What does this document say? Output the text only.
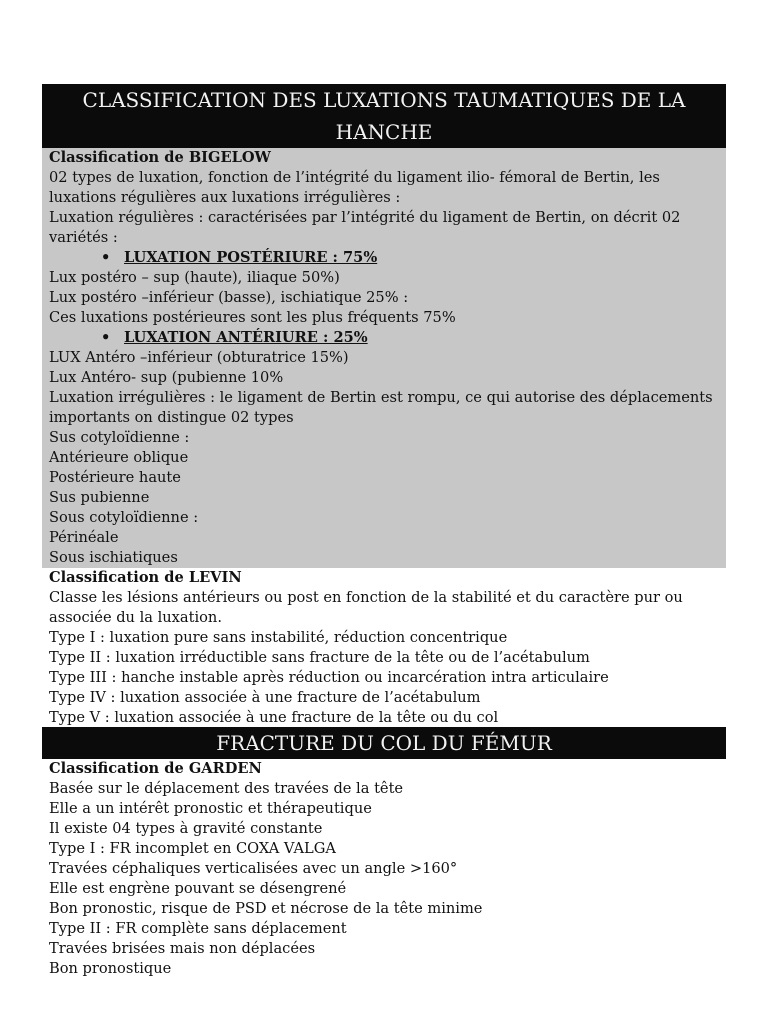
CLASSIFICATION DES LUXATIONS TAUMATIQUES DE LA HANCHE
Classification de BIGELOW
02 types de luxation, fonction de l’intégrité du ligament ilio- fémoral de Bertin, les luxations régulières aux luxations irrégulières :
Luxation régulières : caractérisées par l’intégrité du ligament de Bertin, on décrit 02 variétés :
• LUXATION POSTÉRIURE : 75%
Lux postéro – sup (haute), iliaque 50%)
Lux postéro –inférieur (basse), ischiatique 25% :
Ces luxations postérieures sont les plus fréquents 75%
• LUXATION ANTÉRIURE : 25%
LUX Antéro –inférieur (obturatrice 15%)
Lux Antéro- sup (pubienne 10%
Luxation irrégulières : le ligament de Bertin est rompu, ce qui autorise des déplacements importants on distingue 02 types
Sus cotyloïdienne :
Antérieure oblique
Postérieure haute
Sus pubienne
Sous cotyloïdienne :
Périnéale
Sous ischiatiques
Classification de LEVIN
Classe les lésions antérieurs ou post en fonction de la stabilité et du caractère pur ou associée du la luxation.
Type I : luxation pure sans instabilité, réduction concentrique
Type II : luxation irréductible sans fracture de la tête ou de l’acétabulum
Type III : hanche instable après réduction ou incarcération intra articulaire
Type IV : luxation associée à une fracture de l’acétabulum
Type V : luxation associée à une fracture de la tête ou du col
FRACTURE DU COL DU FÉMUR
Classification de GARDEN
Basée sur le déplacement des travées de la tête
Elle a un intérêt pronostic et thérapeutique
Il existe 04 types à gravité constante
Type I : FR incomplet en COXA VALGA
Travées céphaliques verticalisées avec un angle >160°
Elle est engrène pouvant se désengrené
Bon pronostic, risque de PSD et nécrose de la tête minime
Type II : FR complète sans déplacement
Travées brisées mais non déplacées
Bon pronostique
